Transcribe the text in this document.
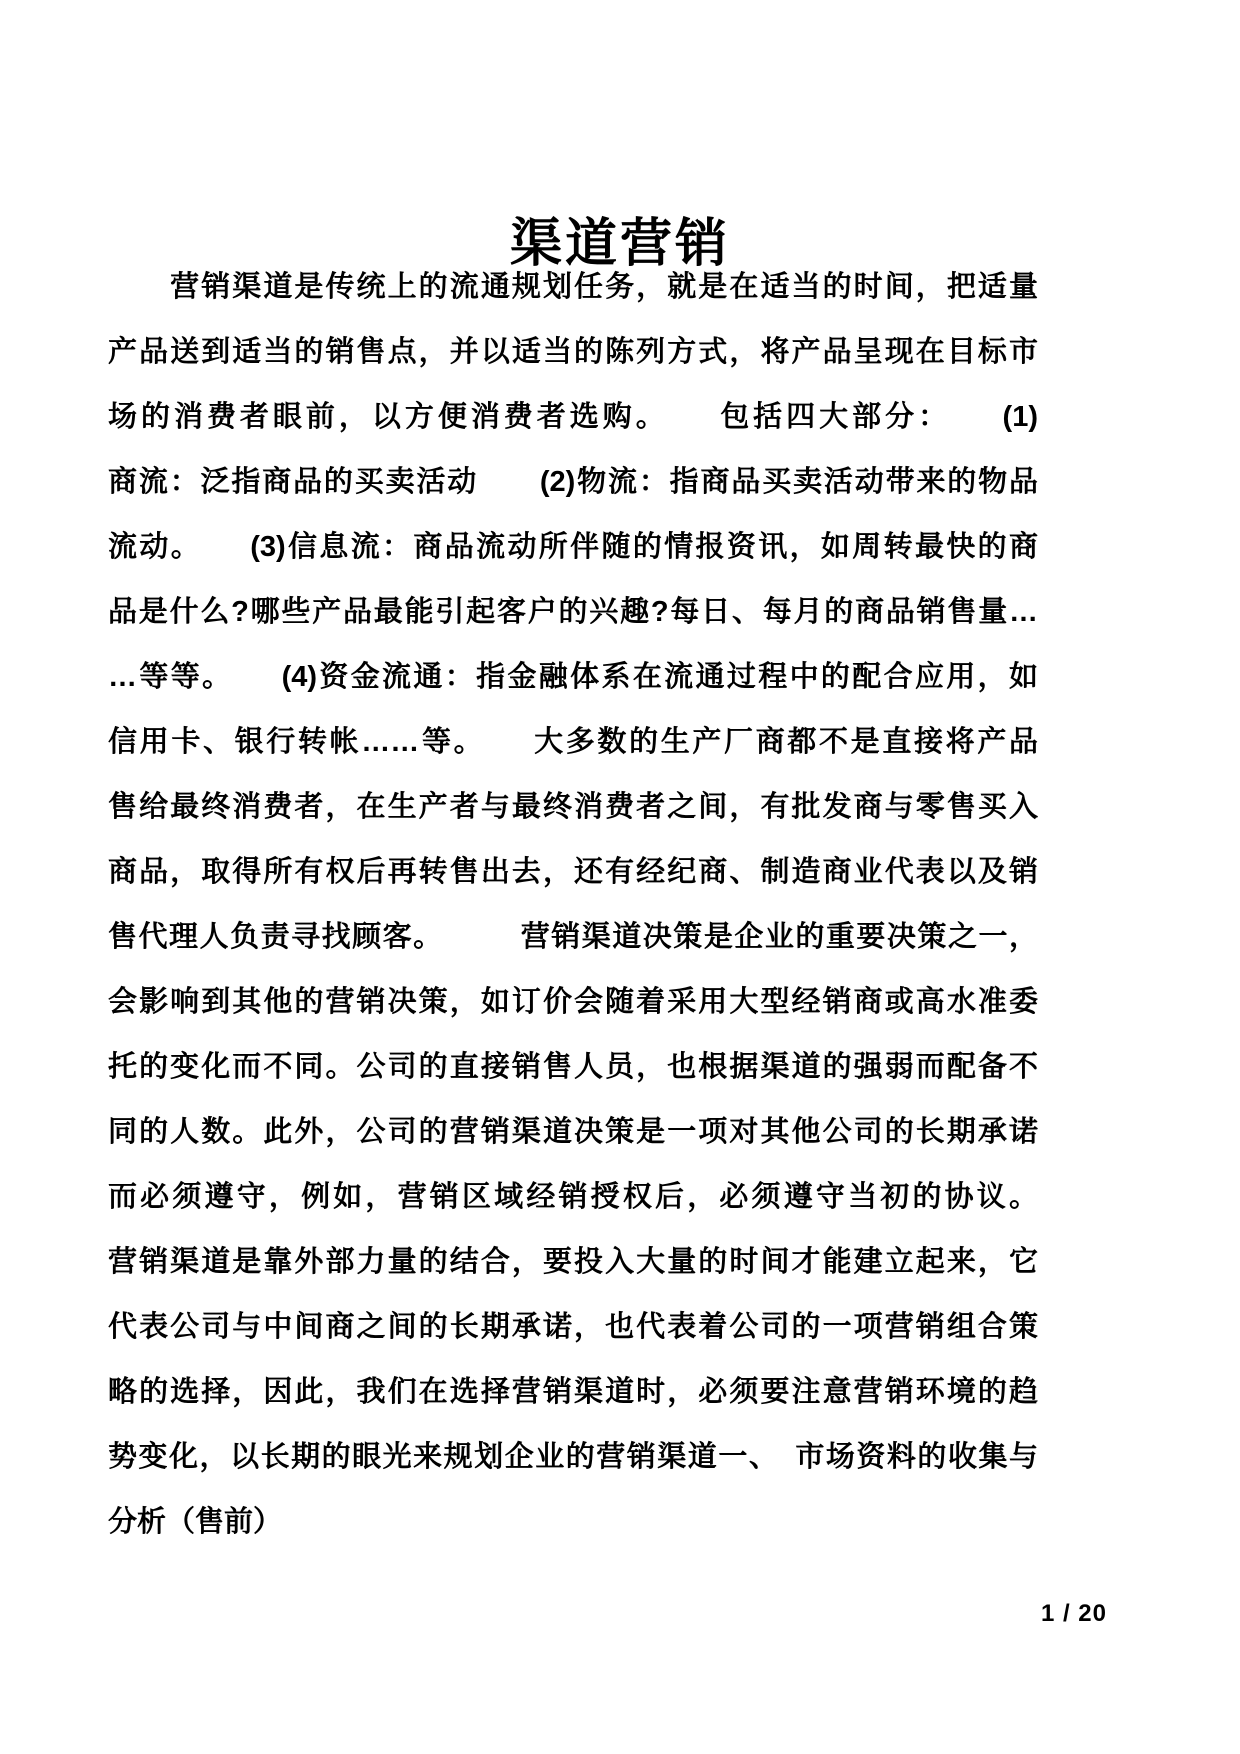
渠道营销
　　营销渠道是传统上的流通规划任务，就是在适当的时间，把适量
产品送到适当的销售点，并以适当的陈列方式，将产品呈现在目标市
场的消费者眼前，以方便消费者选购。　　包括四大部分：　　(1)
商流：泛指商品的买卖活动　　(2)物流：指商品买卖活动带来的物品
流动。　　(3)信息流：商品流动所伴随的情报资讯，如周转最快的商
品是什么?哪些产品最能引起客户的兴趣?每日、每月的商品销售量…
…等等。　　(4)资金流通：指金融体系在流通过程中的配合应用，如
信用卡、银行转帐……等。　　大多数的生产厂商都不是直接将产品
售给最终消费者，在生产者与最终消费者之间，有批发商与零售买入
商品，取得所有权后再转售出去，还有经纪商、制造商业代表以及销
售代理人负责寻找顾客。　　　营销渠道决策是企业的重要决策之一，
会影响到其他的营销决策，如订价会随着采用大型经销商或高水准委
托的变化而不同。公司的直接销售人员，也根据渠道的强弱而配备不
同的人数。此外，公司的营销渠道决策是一项对其他公司的长期承诺
而必须遵守，例如，营销区域经销授权后，必须遵守当初的协议。
营销渠道是靠外部力量的结合，要投入大量的时间才能建立起来，它
代表公司与中间商之间的长期承诺，也代表着公司的一项营销组合策
略的选择，因此，我们在选择营销渠道时，必须要注意营销环境的趋
势变化，以长期的眼光来规划企业的营销渠道一、　市场资料的收集与
分析（售前）
1 / 20
